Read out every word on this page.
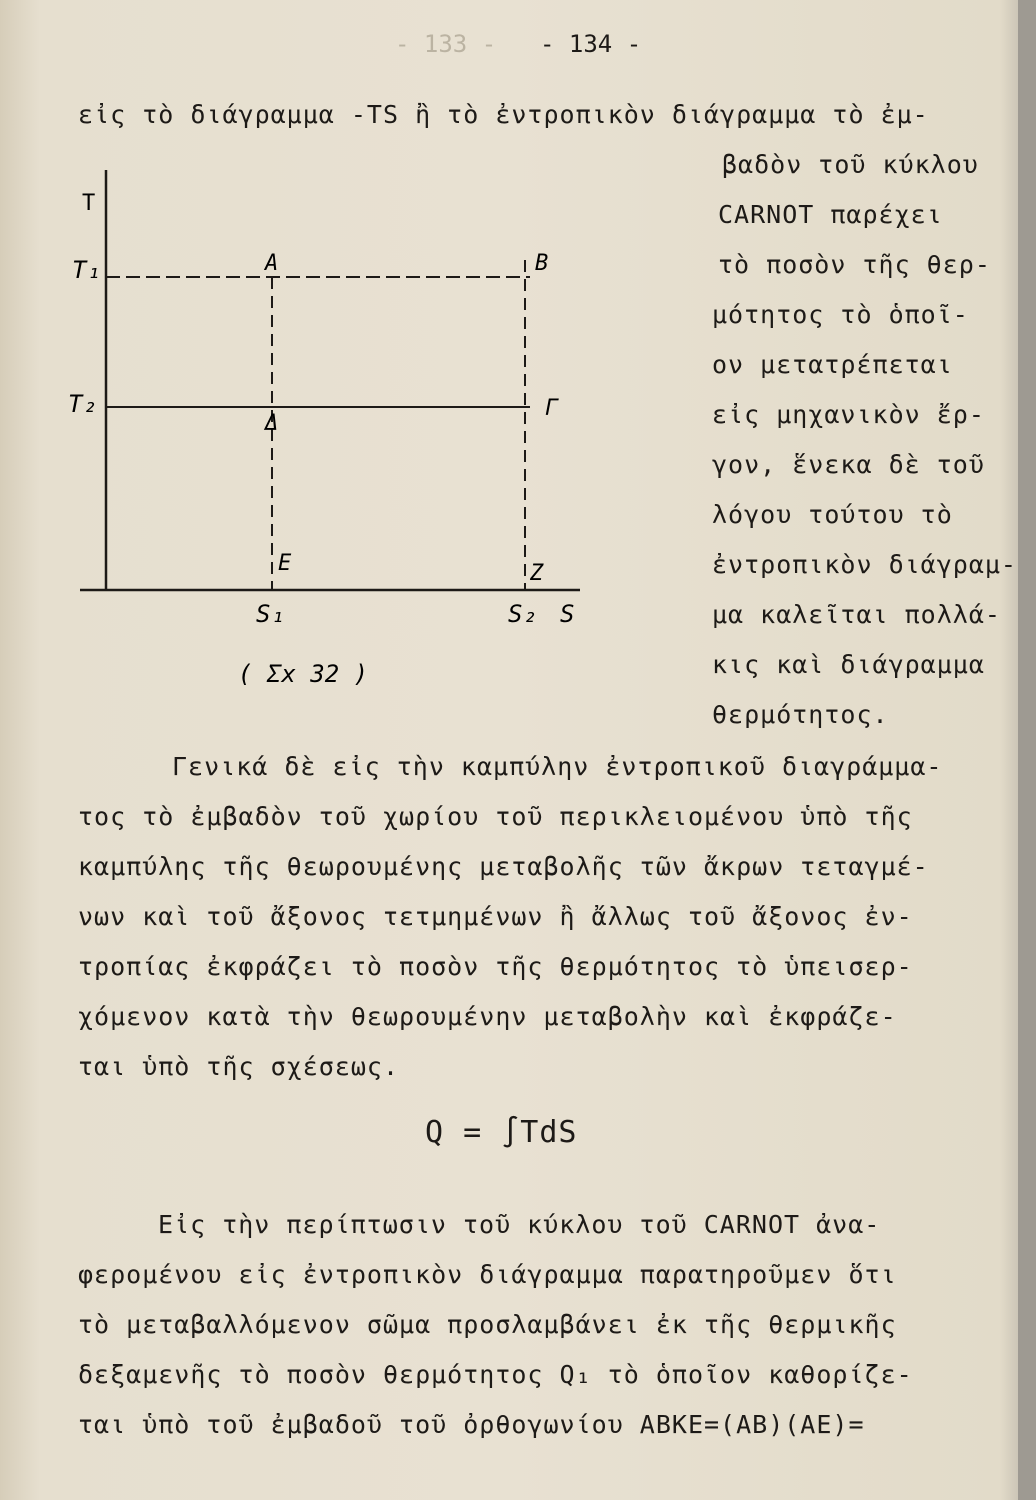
- 133 - - 134 -
εἰς τὸ διάγραμμα -TS ἢ τὸ ἐντροπικὸν διάγραμμα τὸ ἐμ-
βαδὸν τοῦ κύκλου
CARNOT παρέχει
τὸ ποσὸν τῆς θερ-
μότητος τὸ ὁποῖ-
ον μετατρέπεται
εἰς μηχανικὸν ἔρ-
γον, ἕνεκα δὲ τοῦ
λόγου τούτου τὸ
ἐντροπικὸν διάγραμ-
μα καλεῖται πολλά-
κις καὶ διάγραμμα
θερμότητος.
T
T₁
T₂
A	B
Δ
Γ
E	Z
S₁	S₂ S
( Σx 32 )
Γενικά δὲ εἰς τὴν καμπύλην ἐντροπικοῦ διαγράμμα-
τος τὸ ἐμβαδὸν τοῦ χωρίου τοῦ περικλειομένου ὑπὸ τῆς
καμπύλης τῆς θεωρουμένης μεταβολῆς τῶν ἄκρων τεταγμέ-
νων καὶ τοῦ ἄξονος τετμημένων ἢ ἄλλως τοῦ ἄξονος ἐν-
τροπίας ἐκφράζει τὸ ποσὸν τῆς θερμότητος τὸ ὑπεισερ-
χόμενον κατὰ τὴν θεωρουμένην μεταβολὴν καὶ ἐκφράζε-
ται ὑπὸ τῆς σχέσεως.
Q = ∫TdS
Εἰς τὴν περίπτωσιν τοῦ κύκλου τοῦ CARNOT ἀνα-
φερομένου εἰς ἐντροπικὸν διάγραμμα παρατηροῦμεν ὅτι
τὸ μεταβαλλόμενον σῶμα προσλαμβάνει ἐκ τῆς θερμικῆς
δεξαμενῆς τὸ ποσὸν θερμότητος Q₁ τὸ ὁποῖον καθορίζε-
ται ὑπὸ τοῦ ἐμβαδοῦ τοῦ ὀρθογωνίου ΑΒΚΕ=(ΑΒ)(ΑΕ)=
